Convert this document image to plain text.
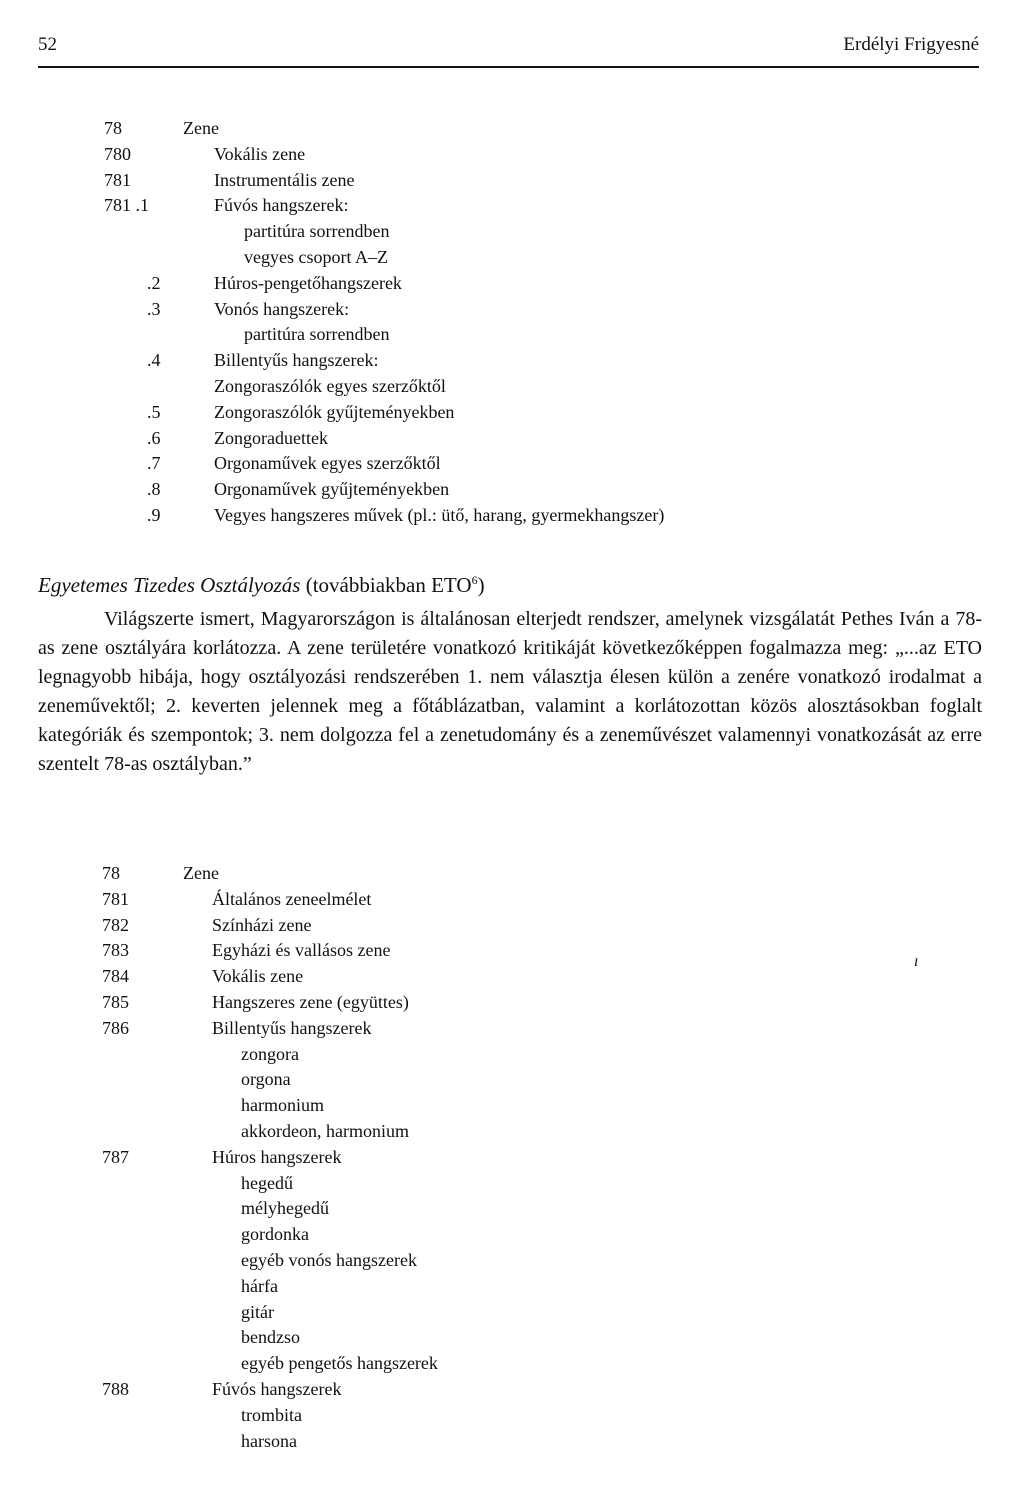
52	Erdélyi Frigyesné
78	Zene
780	Vokális zene
781	Instrumentális zene
781 .1	Fúvós hangszerek:
partitúra sorrendben
vegyes csoport A–Z
.2	Húros-pengetőhangszerek
.3	Vonós hangszerek:
partitúra sorrendben
.4	Billentyűs hangszerek:
Zongoraszólók egyes szerzőktől
.5	Zongoraszólók gyűjteményekben
.6	Zongoraduettek
.7	Orgonaművek egyes szerzőktől
.8	Orgonaművek gyűjteményekben
.9	Vegyes hangszeres művek (pl.: ütő, harang, gyermekhangszer)
Egyetemes Tizedes Osztályozás (továbbiakban ETO$^6$)
Világszerte ismert, Magyarországon is általánosan elterjedt rendszer, amelynek vizsgálatát Pethes Iván a 78-as zene osztályára korlátozza. A zene területére vonatkozó kritikáját következőképpen fogalmazza meg: „...az ETO legnagyobb hibája, hogy osztályozási rendszerében 1. nem választja élesen külön a zenére vonatkozó irodalmat a zeneművektől; 2. keverten jelennek meg a főtáblázatban, valamint a korlátozottan közös alosztásokban foglalt kategóriák és szempontok; 3. nem dolgozza fel a zenetudomány és a zeneművészet valamennyi vonatkozását az erre szentelt 78-as osztályban.”
ı
78	Zene
781	Általános zeneelmélet
782	Színházi zene
783	Egyházi és vallásos zene
784	Vokális zene
785	Hangszeres zene (együttes)
786	Billentyűs hangszerek
zongora
orgona
harmonium
akkordeon, harmonium
787	Húros hangszerek
hegedű
mélyhegedű
gordonka
egyéb vonós hangszerek
hárfa
gitár
bendzso
egyéb pengetős hangszerek
788	Fúvós hangszerek
trombita
harsona
